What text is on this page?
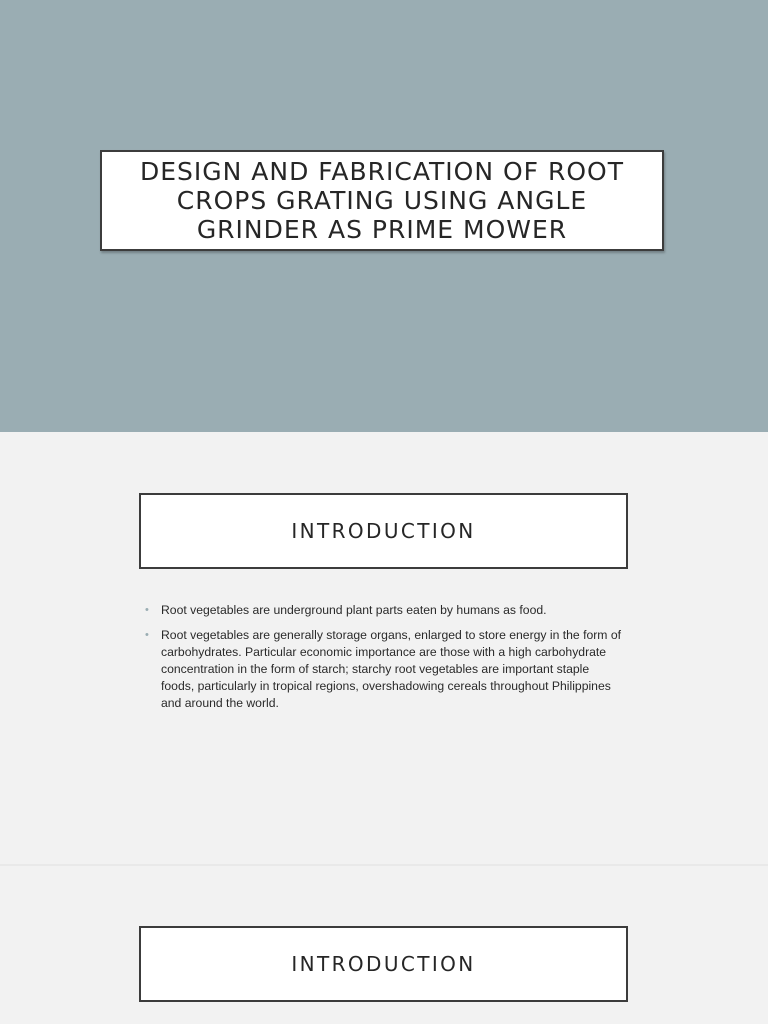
DESIGN AND FABRICATION OF ROOT CROPS GRATING USING ANGLE GRINDER AS PRIME MOWER
INTRODUCTION
• Root vegetables are underground plant parts eaten by humans as food.
• Root vegetables are generally storage organs, enlarged to store energy in the form of carbohydrates. Particular economic importance are those with a high carbohydrate concentration in the form of starch; starchy root vegetables are important staple foods, particularly in tropical regions, overshadowing cereals throughout Philippines and around the world.
INTRODUCTION
